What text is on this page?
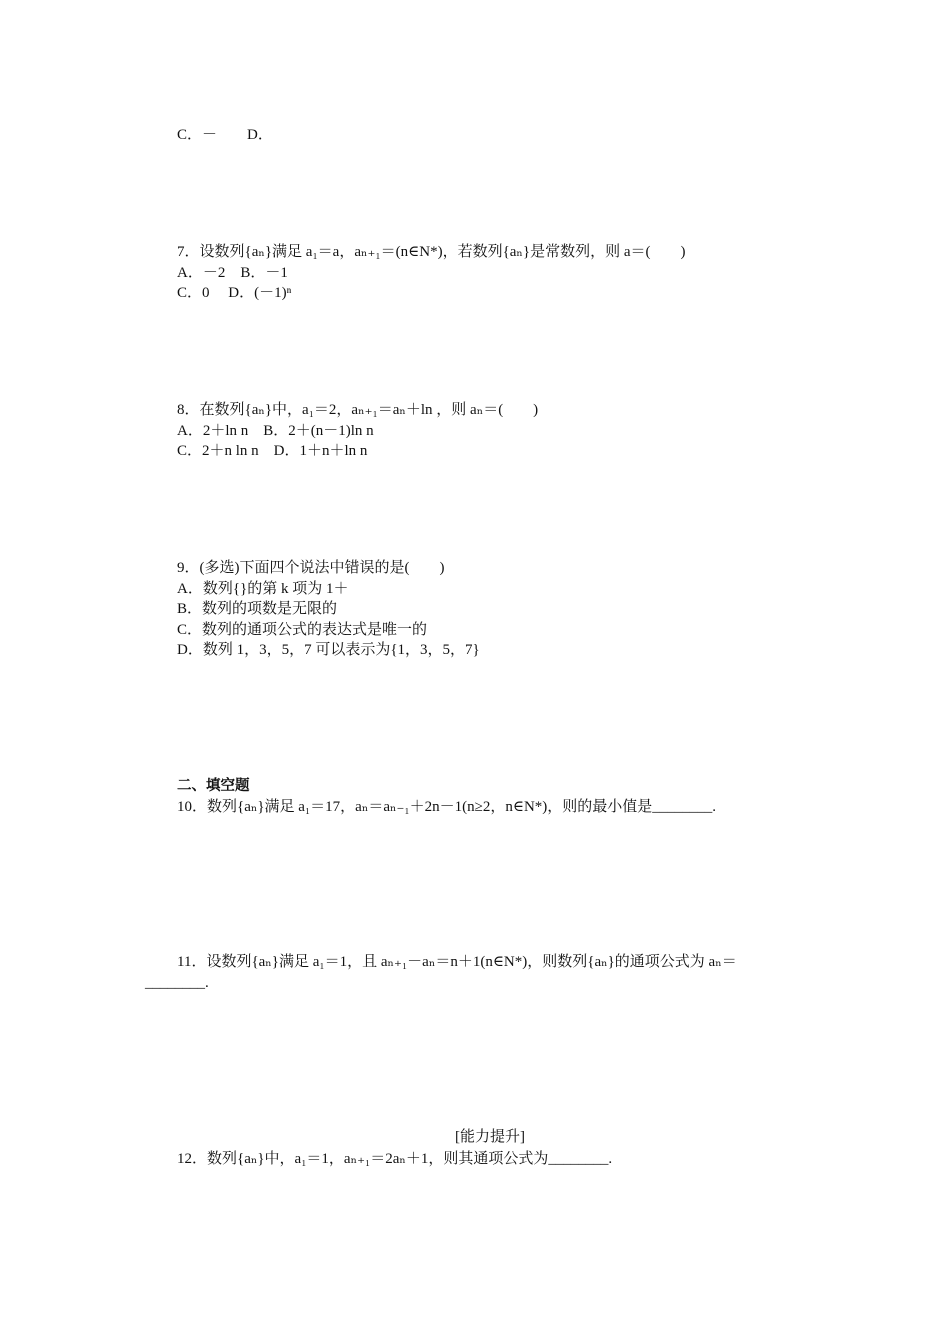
C．－　　D．
7．设数列{aₙ}满足 a₁＝a，aₙ₊₁＝(n∈N*)，若数列{aₙ}是常数列，则 a＝(　　)
A．－2　B．－1
C．0　 D．(－1)ⁿ
8．在数列{aₙ}中，a₁＝2，aₙ₊₁＝aₙ＋ln ，则 aₙ＝(　　)
A．2＋ln n　B．2＋(n－1)ln n
C．2＋n ln n　D．1＋n＋ln n
9．(多选)下面四个说法中错误的是(　　)
A．数列{}的第 k 项为 1＋
B．数列的项数是无限的
C．数列的通项公式的表达式是唯一的
D．数列 1，3，5，7 可以表示为{1，3，5，7}
二、填空题
10．数列{aₙ}满足 a₁＝17，aₙ＝aₙ₋₁＋2n－1(n≥2，n∈N*)，则的最小值是________.
11．设数列{aₙ}满足 a₁＝1，且 aₙ₊₁－aₙ＝n＋1(n∈N*)，则数列{aₙ}的通项公式为 aₙ＝
________.
[能力提升]
12．数列{aₙ}中，a₁＝1，aₙ₊₁＝2aₙ＋1，则其通项公式为________.
